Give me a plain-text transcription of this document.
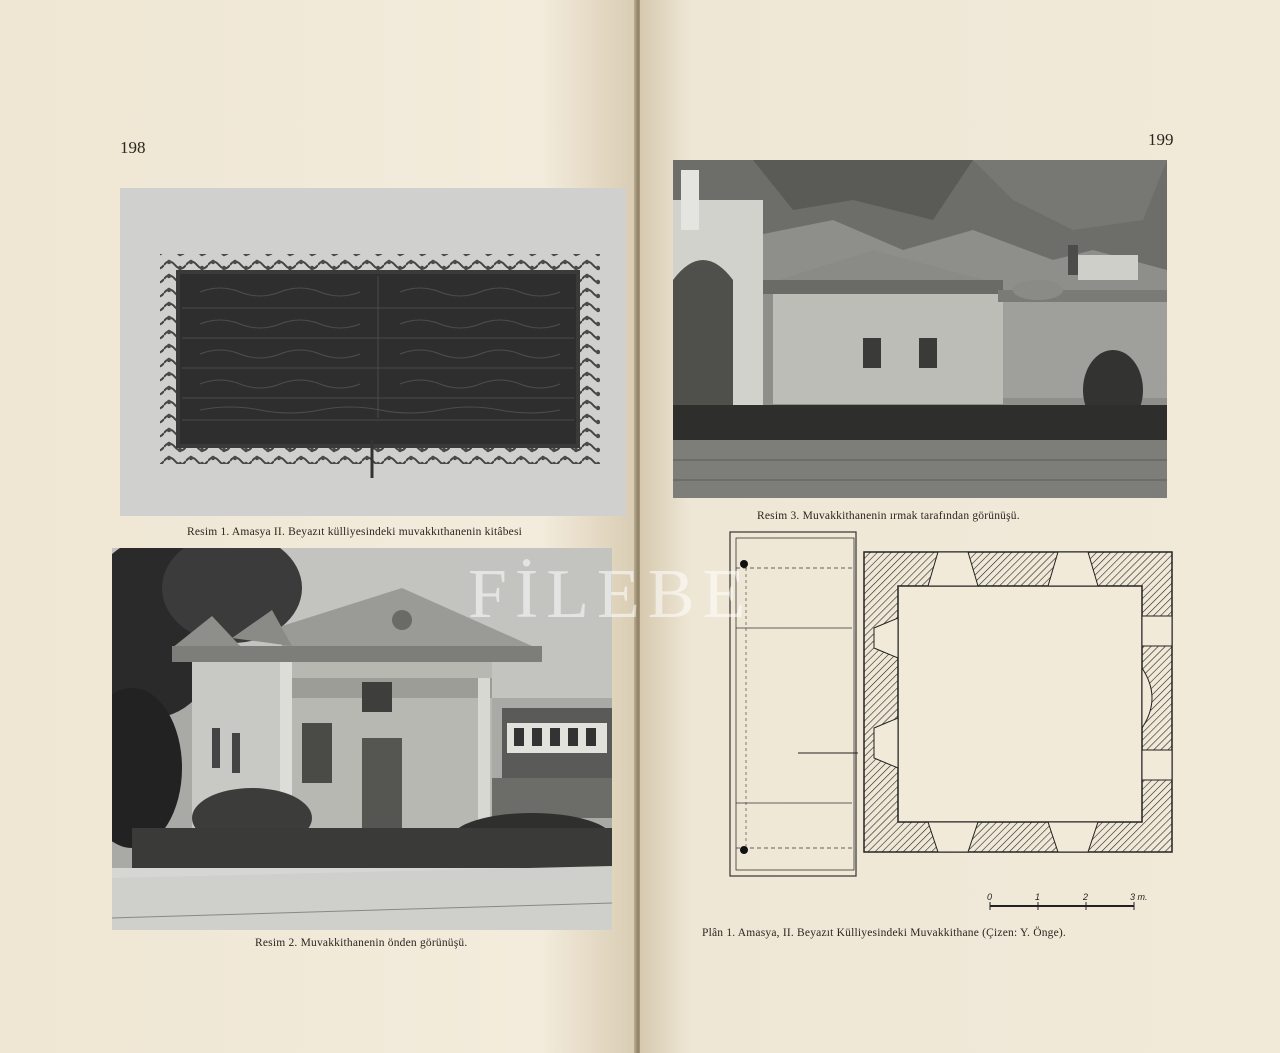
198
Resim 1. Amasya II. Beyazıt külliyesindeki muvakkıthanenin kitâbesi
Resim 2. Muvakkithanenin önden görünüşü.
199
Resim 3. Muvakkithanenin ırmak tarafından görünüşü.
0	1	2	3 m.
Plân 1. Amasya, II. Beyazıt Külliyesindeki Muvakkithane (Çizen: Y. Önge).
FİLEBE
